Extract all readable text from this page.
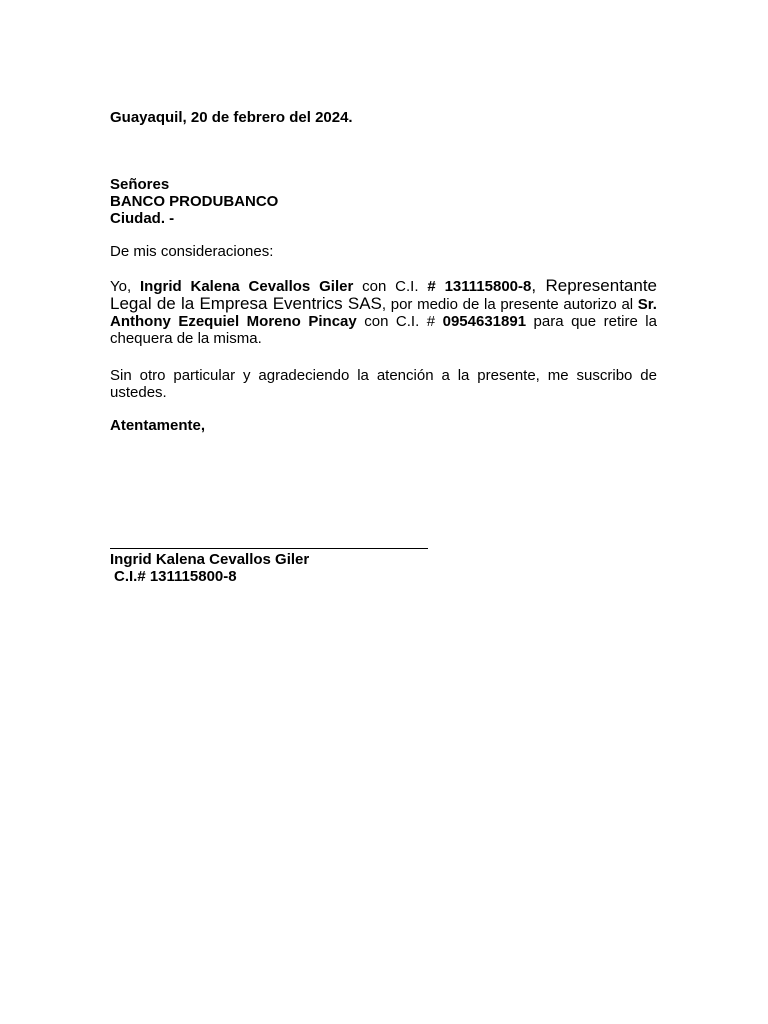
Guayaquil, 20 de febrero del 2024.
Señores
BANCO PRODUBANCO
Ciudad. -
De mis consideraciones:
Yo, Ingrid Kalena Cevallos Giler con C.I. # 131115800-8, Representante Legal de la Empresa Eventrics SAS, por medio de la presente autorizo al Sr. Anthony Ezequiel Moreno Pincay con C.I. # 0954631891 para que retire la chequera de la misma.
Sin otro particular y agradeciendo la atención a la presente, me suscribo de ustedes.
Atentamente,
Ingrid Kalena Cevallos Giler
C.I.# 131115800-8
